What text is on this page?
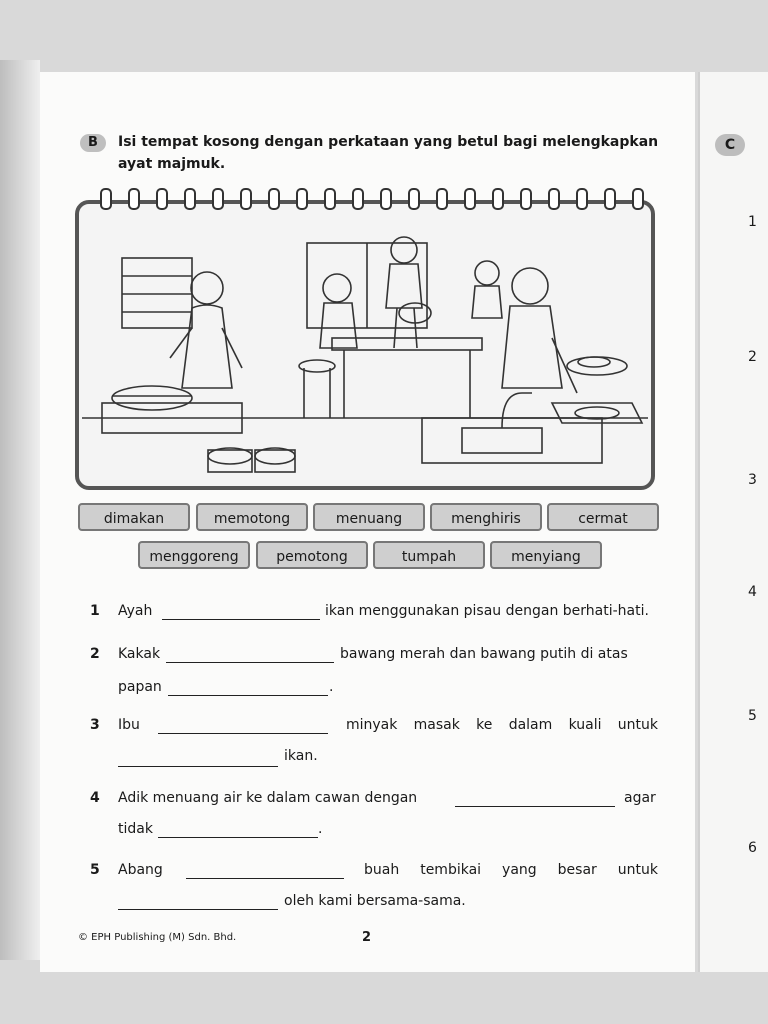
C
1
2
3
4
5
6
B	Isi tempat kosong dengan perkataan yang betul bagi melengkapkan ayat majmuk.
dimakan	memotong	menuang	menghiris	cermat
menggoreng	pemotong	tumpah	menyiang
1 Ayah	ikan menggunakan pisau dengan berhati-hati.
2 Kakak	bawang merah dan bawang putih di atas
papan	.
3 Ibu	minyak masak ke dalam kuali untuk
ikan.
4 Adik menuang air ke dalam cawan dengan	agar
tidak	.
5 Abang	buah tembikai yang besar untuk
oleh kami bersama-sama.
© EPH Publishing (M) Sdn. Bhd.	2
